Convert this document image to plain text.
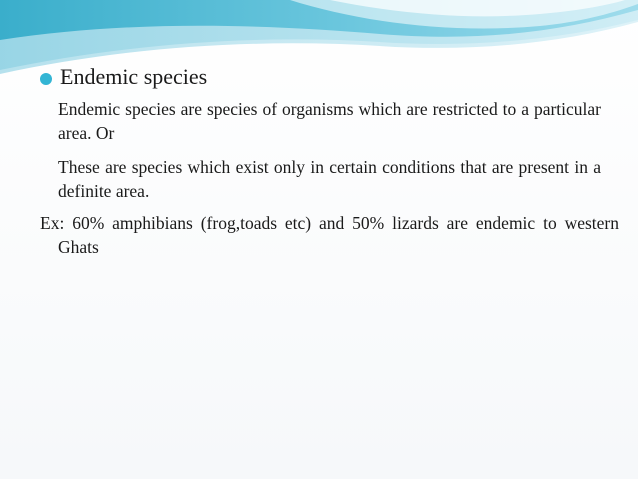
Endemic species
Endemic species are species of organisms which are restricted to a particular area. Or
These are species which exist only in certain conditions that are present in a definite area.
Ex: 60% amphibians (frog,toads etc) and 50% lizards are endemic to western Ghats
